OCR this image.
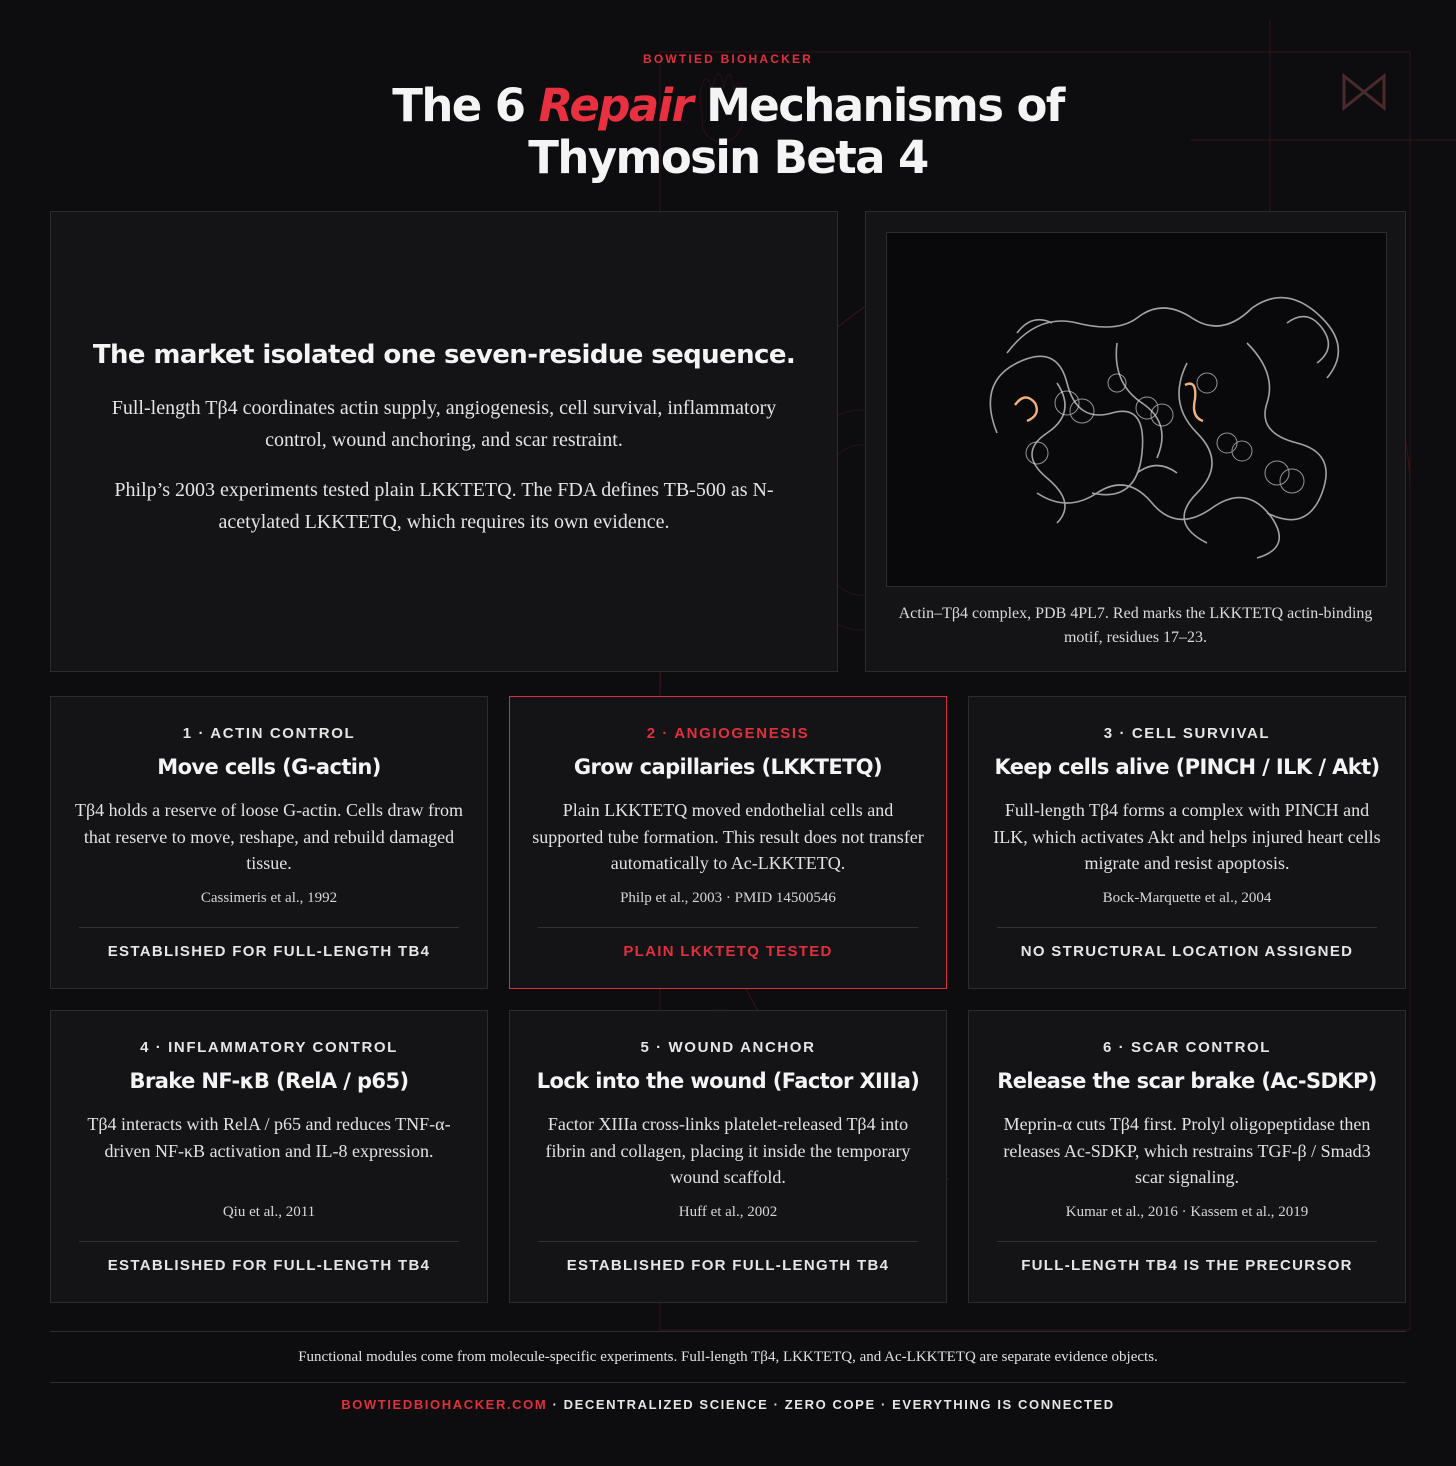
BOWTIED BIOHACKER
The 6 Repair Mechanisms of
Thymosin Beta 4
The market isolated one seven-residue sequence.

Full-length Tβ4 coordinates actin supply, angiogenesis, cell survival, inflammatory control, wound anchoring, and scar restraint.

Philp’s 2003 experiments tested plain LKKTETQ. The FDA defines TB-500 as N-acetylated LKKTETQ, which requires its own evidence.

Actin–Tβ4 complex, PDB 4PL7. Red marks the LKKTETQ actin-binding motif, residues 17–23.
1 · ACTIN CONTROL
Move cells (G-actin)
Tβ4 holds a reserve of loose G-actin. Cells draw from that reserve to move, reshape, and rebuild damaged tissue.
Cassimeris et al., 1992
ESTABLISHED FOR FULL-LENGTH TB4
2 · ANGIOGENESIS
Grow capillaries (LKKTETQ)
Plain LKKTETQ moved endothelial cells and supported tube formation. This result does not transfer automatically to Ac-LKKTETQ.
Philp et al., 2003 · PMID 14500546
PLAIN LKKTETQ TESTED
3 · CELL SURVIVAL
Keep cells alive (PINCH / ILK / Akt)
Full-length Tβ4 forms a complex with PINCH and ILK, which activates Akt and helps injured heart cells migrate and resist apoptosis.
Bock-Marquette et al., 2004
NO STRUCTURAL LOCATION ASSIGNED
4 · INFLAMMATORY CONTROL
Brake NF-κB (RelA / p65)
Tβ4 interacts with RelA / p65 and reduces TNF-α-driven NF-κB activation and IL-8 expression.
Qiu et al., 2011
ESTABLISHED FOR FULL-LENGTH TB4
5 · WOUND ANCHOR
Lock into the wound (Factor XIIIa)
Factor XIIIa cross-links platelet-released Tβ4 into fibrin and collagen, placing it inside the temporary wound scaffold.
Huff et al., 2002
ESTABLISHED FOR FULL-LENGTH TB4
6 · SCAR CONTROL
Release the scar brake (Ac-SDKP)
Meprin-α cuts Tβ4 first. Prolyl oligopeptidase then releases Ac-SDKP, which restrains TGF-β / Smad3 scar signaling.
Kumar et al., 2016 · Kassem et al., 2019
FULL-LENGTH TB4 IS THE PRECURSOR
Functional modules come from molecule-specific experiments. Full-length Tβ4, LKKTETQ, and Ac-LKKTETQ are separate evidence objects.
BOWTIEDBIOHACKER.COM · DECENTRALIZED SCIENCE · ZERO COPE · EVERYTHING IS CONNECTED
